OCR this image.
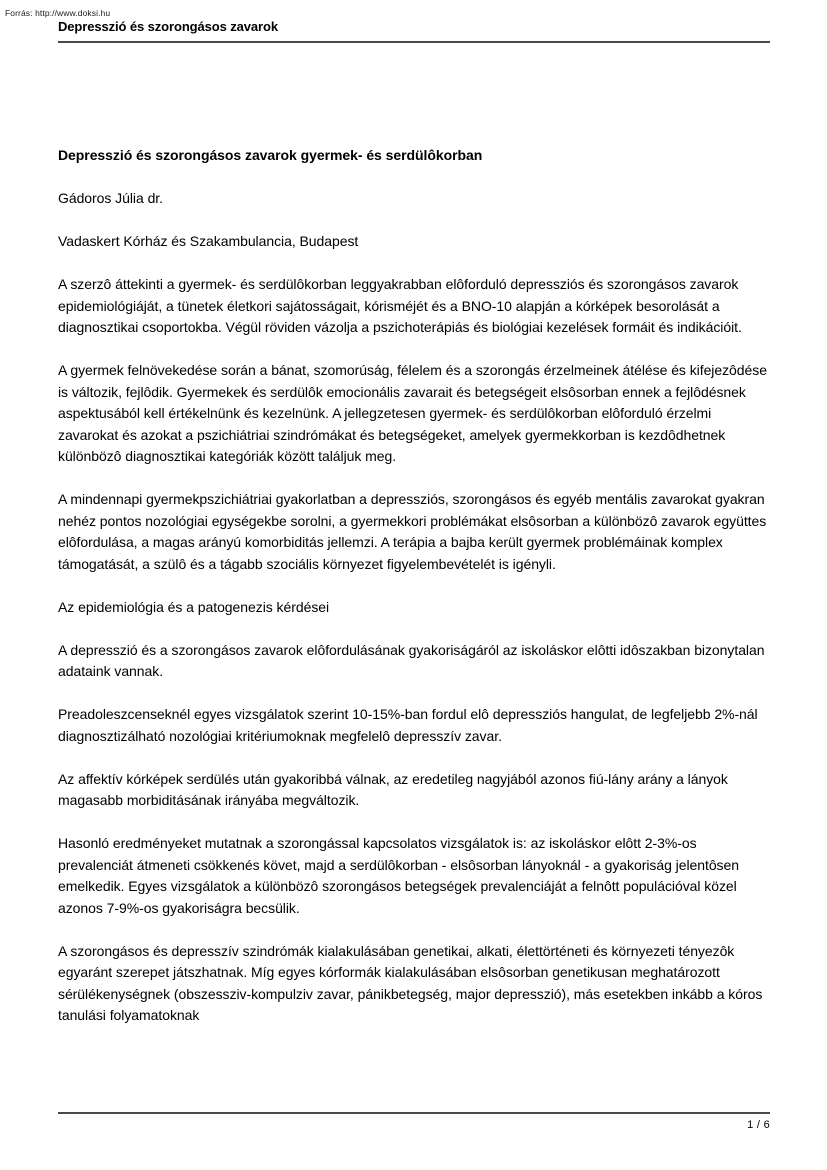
Forrás: http://www.doksi.hu
Depresszió és szorongásos zavarok

Depresszió és szorongásos zavarok gyermek- és serdülôkorban

Gádoros Júlia dr.

Vadaskert Kórház és Szakambulancia, Budapest

A szerzô áttekinti a gyermek- és serdülôkorban leggyakrabban elôforduló depressziós és szorongásos zavarok epidemiológiáját, a tünetek életkori sajátosságait, kórisméjét és a BNO-10 alapján a kórképek besorolását a diagnosztikai csoportokba. Végül röviden vázolja a pszichoterápiás és biológiai kezelések formáit és indikációit.

A gyermek felnövekedése során a bánat, szomorúság, félelem és a szorongás érzelmeinek átélése és kifejezôdése is változik, fejlôdik. Gyermekek és serdülôk emocionális zavarait és betegségeit elsôsorban ennek a fejlôdésnek aspektusából kell értékelnünk és kezelnünk. A jellegzetesen gyermek- és serdülôkorban elôforduló érzelmi zavarokat és azokat a pszichiátriai szindrómákat és betegségeket, amelyek gyermekkorban is kezdôdhetnek különbözô diagnosztikai kategóriák között találjuk meg.

A mindennapi gyermekpszichiátriai gyakorlatban a depressziós, szorongásos és egyéb mentális zavarokat gyakran nehéz pontos nozológiai egységekbe sorolni, a gyermekkori problémákat elsôsorban a különbözô zavarok együttes elôfordulása, a magas arányú komorbiditás jellemzi. A terápia a bajba került gyermek problémáinak komplex támogatását, a szülô és a tágabb szociális környezet figyelembevételét is igényli.

Az epidemiológia és a patogenezis kérdései

A depresszió és a szorongásos zavarok elôfordulásának gyakoriságáról az iskoláskor elôtti idôszakban bizonytalan adataink vannak.

Preadoleszcenseknél egyes vizsgálatok szerint 10-15%-ban fordul elô depressziós hangulat, de legfeljebb 2%-nál diagnosztizálható nozológiai kritériumoknak megfelelô depresszív zavar.

Az affektív kórképek serdülés után gyakoribbá válnak, az eredetileg nagyjából azonos fiú-lány arány a lányok magasabb morbiditásának irányába megváltozik.

Hasonló eredményeket mutatnak a szorongással kapcsolatos vizsgálatok is: az iskoláskor elôtt 2-3%-os prevalenciát átmeneti csökkenés követ, majd a serdülôkorban - elsôsorban lányoknál - a gyakoriság jelentôsen emelkedik. Egyes vizsgálatok a különbözô szorongásos betegségek prevalenciáját a felnôtt populációval közel azonos 7-9%-os gyakoriságra becsülik.

A szorongásos és depresszív szindrómák kialakulásában genetikai, alkati, élettörténeti és környezeti tényezôk egyaránt szerepet játszhatnak. Míg egyes kórformák kialakulásában elsôsorban genetikusan meghatározott sérülékenységnek (obszessziv-kompulziv zavar, pánikbetegség, major depresszió), más esetekben inkább a kóros tanulási folyamatoknak

1 / 6
